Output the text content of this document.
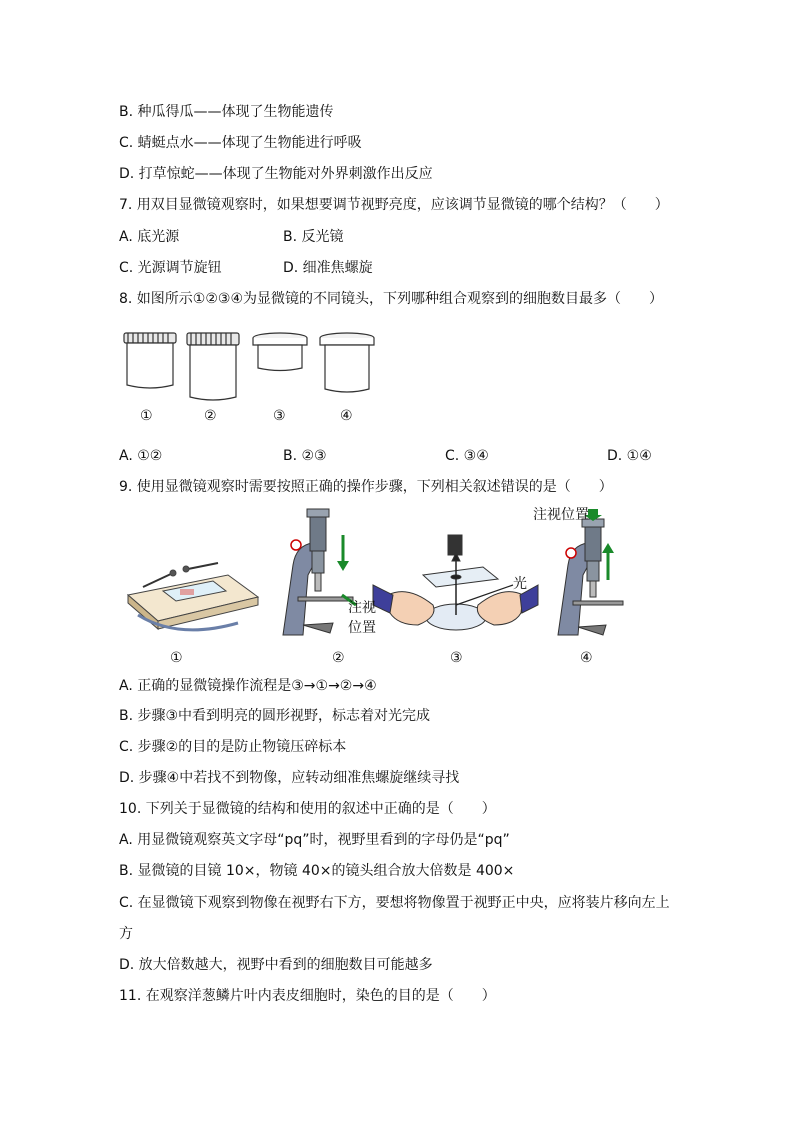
B. 种瓜得瓜——体现了生物能遗传
C. 蜻蜓点水——体现了生物能进行呼吸
D. 打草惊蛇——体现了生物能对外界刺激作出反应
7. 用双目显微镜观察时，如果想要调节视野亮度，应该调节显微镜的哪个结构？（　　）
A. 底光源	B. 反光镜
C. 光源调节旋钮	D. 细准焦螺旋
8. 如图所示①②③④为显微镜的不同镜头，下列哪种组合观察到的细胞数目最多（　　）
①	②	③	④
A. ①②	B. ②③	C. ③④	D. ①④
9. 使用显微镜观察时需要按照正确的操作步骤，下列相关叙述错误的是（　　）
注视位置
注视
位置
光
①	②	③	④
A. 正确的显微镜操作流程是③→①→②→④
B. 步骤③中看到明亮的圆形视野，标志着对光完成
C. 步骤②的目的是防止物镜压碎标本
D. 步骤④中若找不到物像，应转动细准焦螺旋继续寻找
10. 下列关于显微镜的结构和使用的叙述中正确的是（　　）
A. 用显微镜观察英文字母“pq”时，视野里看到的字母仍是“pq”
B. 显微镜的目镜 10×，物镜 40×的镜头组合放大倍数是 400×
C. 在显微镜下观察到物像在视野右下方，要想将物像置于视野正中央，应将装片移向左上
方
D. 放大倍数越大，视野中看到的细胞数目可能越多
11. 在观察洋葱鳞片叶内表皮细胞时，染色的目的是（　　）
